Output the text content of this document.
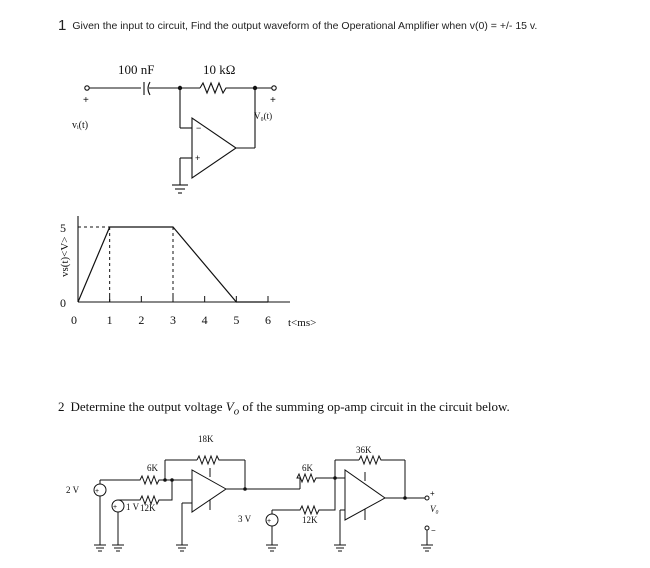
1 Given the input to circuit, Find the output waveform of the Operational Amplifier when v(0) = +/- 15 v.
100 nF	10 kΩ
+
vᵢ(t)
+
V₀(t)
−
+
0 1 2 3 4 5 6
0
5
vs(t)<V>
t<ms>
2 Determine the output voltage $V_o$ of the summing op-amp circuit in the circuit below.
+
+
+
18K
6K
12K
2 V
1 V
3 V
36K
6K
12K
V₀
+
−
